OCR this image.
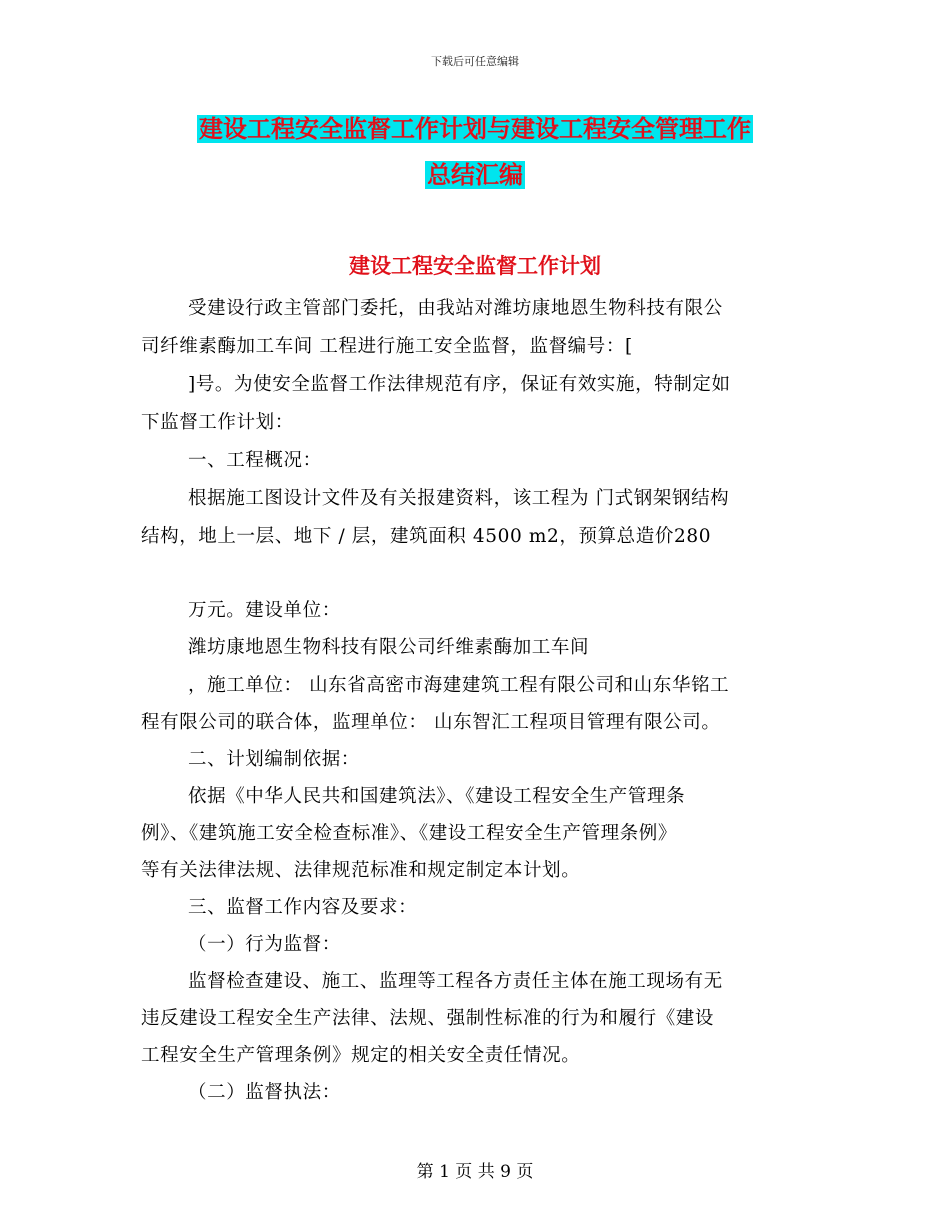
下载后可任意编辑
建设工程安全监督工作计划与建设工程安全管理工作
总结汇编
建设工程安全监督工作计划
受建设行政主管部门委托，由我站对潍坊康地恩生物科技有限公
司纤维素酶加工车间 工程进行施工安全监督，监督编号：[
]号。为使安全监督工作法律规范有序，保证有效实施，特制定如
下监督工作计划：
一、工程概况：
根据施工图设计文件及有关报建资料，该工程为 门式钢架钢结构
结构，地上一层、地下 / 层，建筑面积 4500 m2，预算总造价280
万元。建设单位：
潍坊康地恩生物科技有限公司纤维素酶加工车间
，施工单位： 山东省高密市海建建筑工程有限公司和山东华铭工
程有限公司的联合体，监理单位： 山东智汇工程项目管理有限公司。
二、计划编制依据：
依据《中华人民共和国建筑法》、《建设工程安全生产管理条
例》、《建筑施工安全检查标准》、《建设工程安全生产管理条例》
等有关法律法规、法律规范标准和规定制定本计划。
三、监督工作内容及要求：
（一）行为监督：
监督检查建设、施工、监理等工程各方责任主体在施工现场有无
违反建设工程安全生产法律、法规、强制性标准的行为和履行《建设
工程安全生产管理条例》规定的相关安全责任情况。
（二）监督执法：
第 1 页 共 9 页
